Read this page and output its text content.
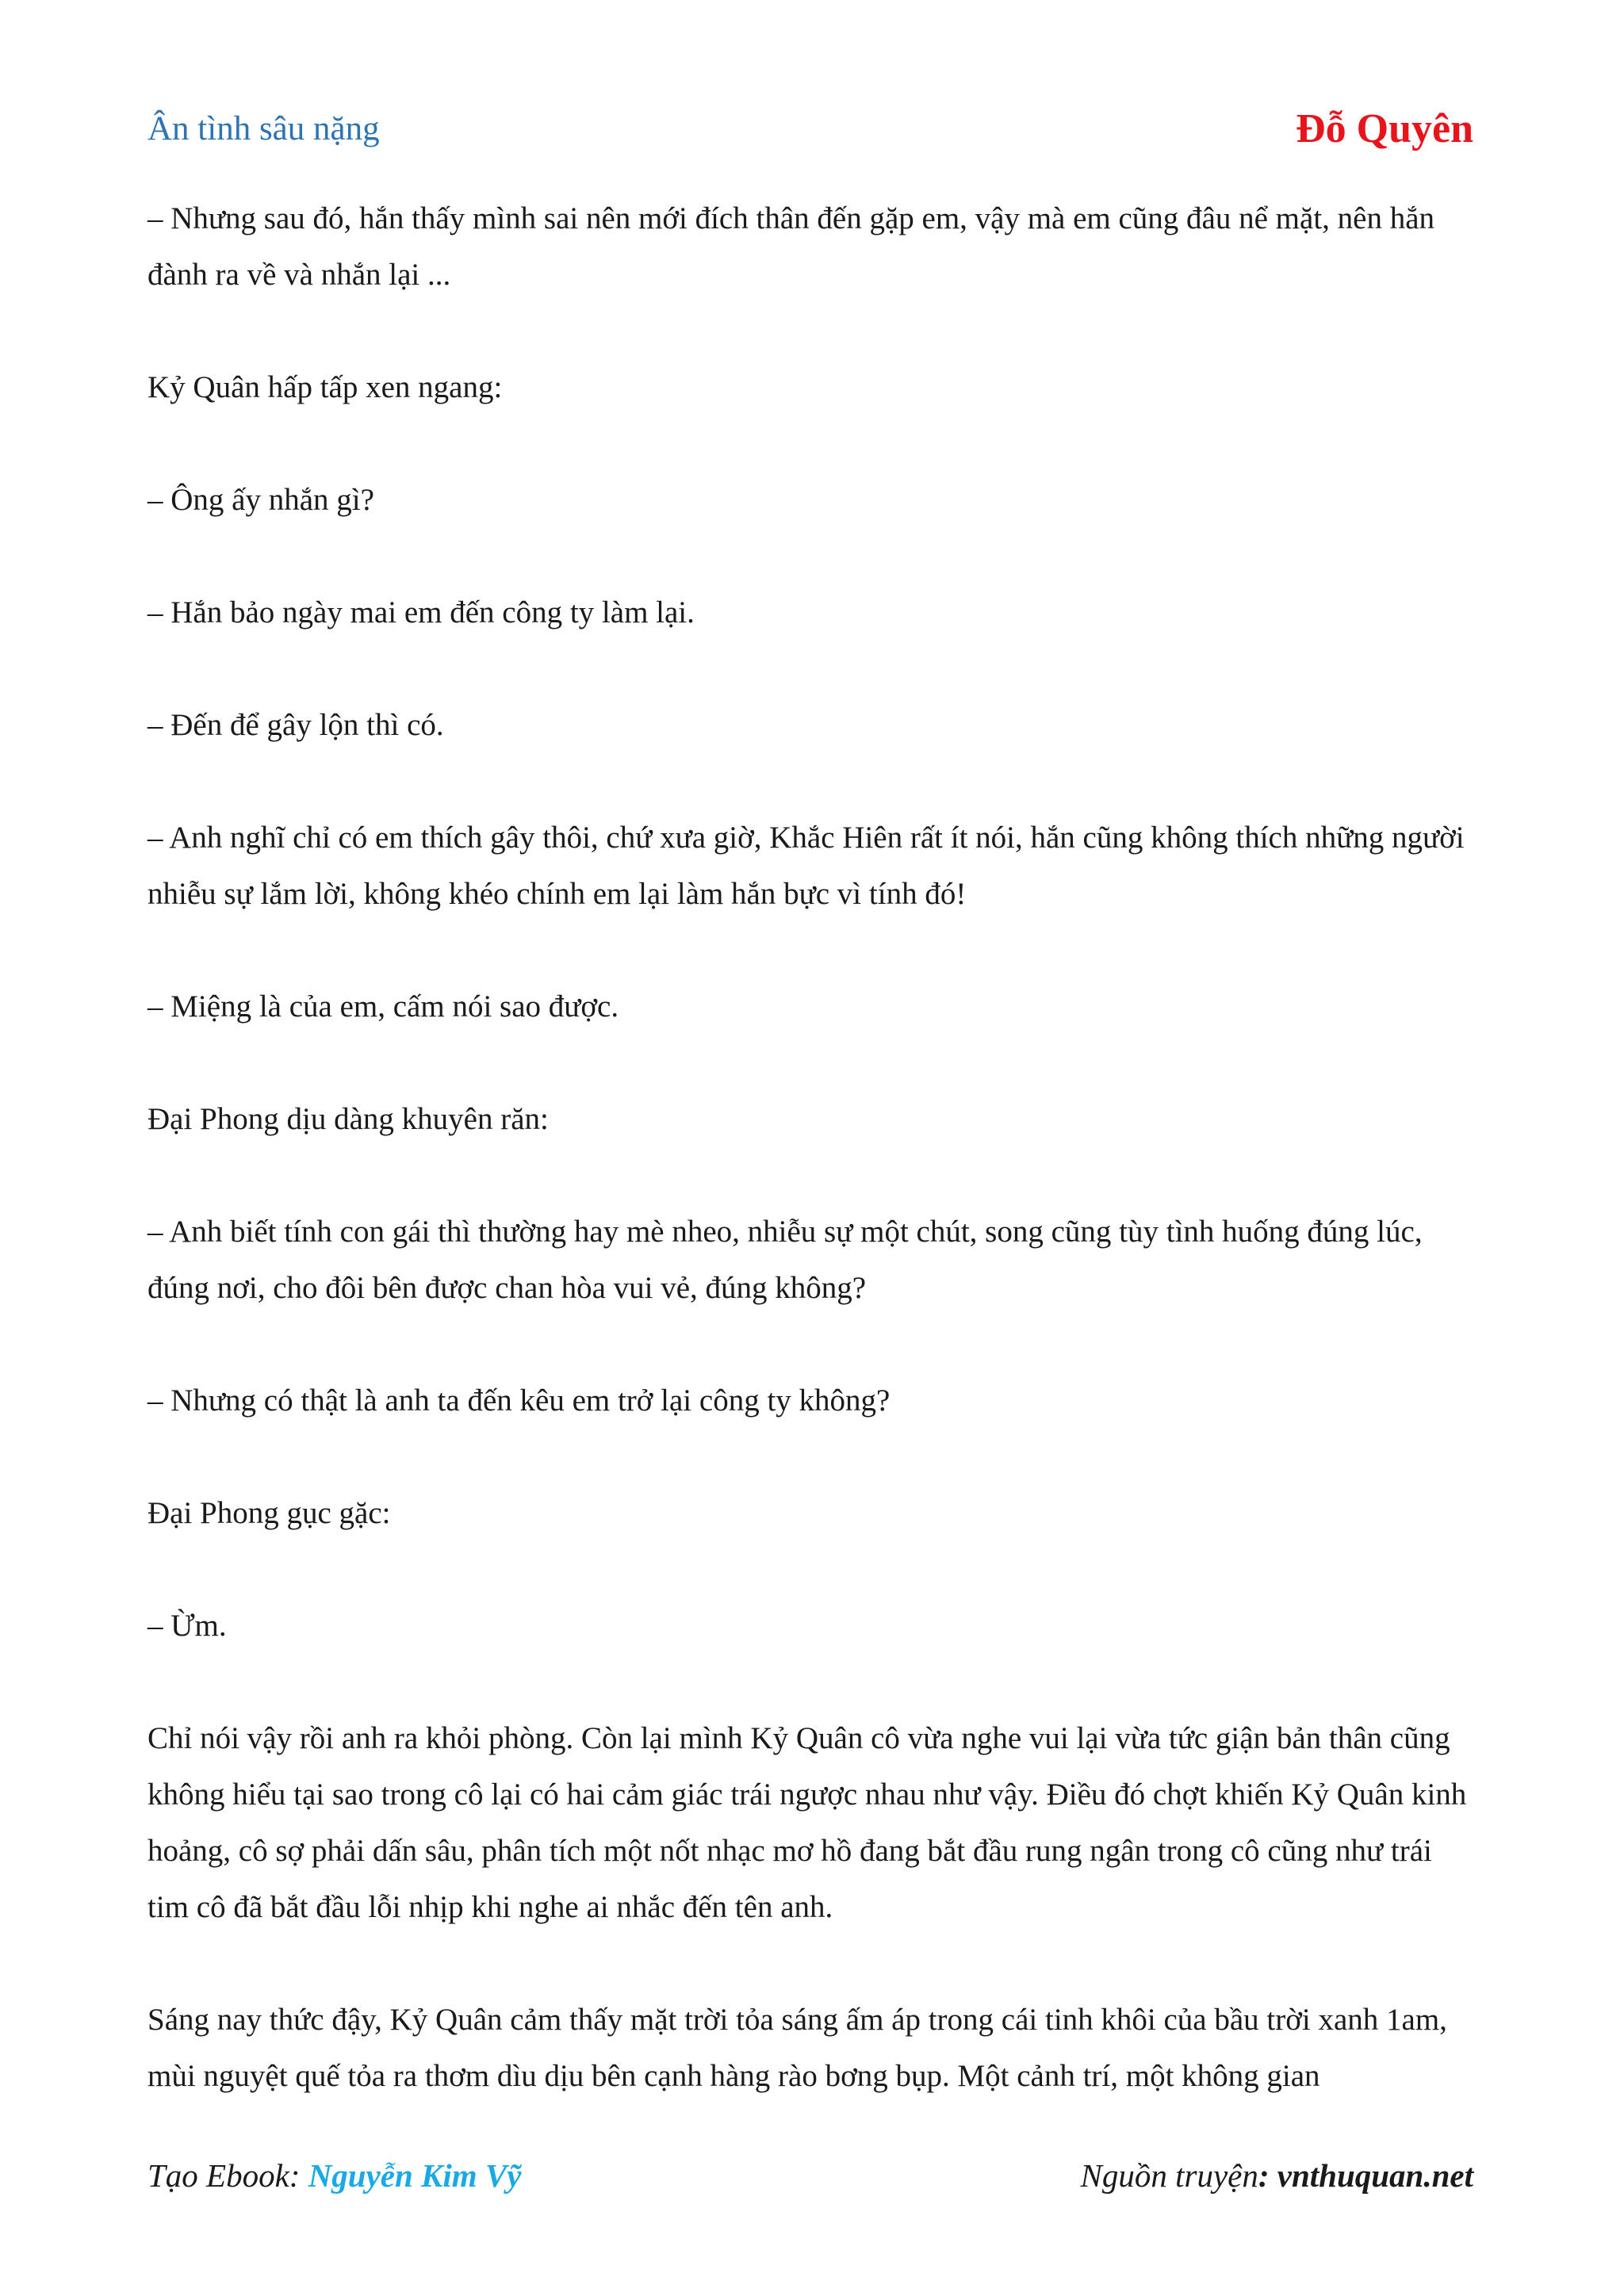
Ân tình sâu nặng	Đỗ Quyên

– Nhưng sau đó, hắn thấy mình sai nên mới đích thân đến gặp em, vậy mà em cũng đâu nể mặt, nên hắn đành ra về và nhắn lại ...

Kỷ Quân hấp tấp xen ngang:

– Ông ấy nhắn gì?

– Hắn bảo ngày mai em đến công ty làm lại.

– Đến để gây lộn thì có.

– Anh nghĩ chỉ có em thích gây thôi, chứ xưa giờ, Khắc Hiên rất ít nói, hắn cũng không thích những người nhiễu sự lắm lời, không khéo chính em lại làm hắn bực vì tính đó!

– Miệng là của em, cấm nói sao được.

Đại Phong dịu dàng khuyên răn:

– Anh biết tính con gái thì thường hay mè nheo, nhiễu sự một chút, song cũng tùy tình huống đúng lúc, đúng nơi, cho đôi bên được chan hòa vui vẻ, đúng không?

– Nhưng có thật là anh ta đến kêu em trở lại công ty không?

Đại Phong gục gặc:

– Ừm.

Chỉ nói vậy rồi anh ra khỏi phòng. Còn lại mình Kỷ Quân cô vừa nghe vui lại vừa tức giận bản thân cũng không hiểu tại sao trong cô lại có hai cảm giác trái ngược nhau như vậy. Điều đó chợt khiến Kỷ Quân kinh hoảng, cô sợ phải dấn sâu, phân tích một nốt nhạc mơ hồ đang bắt đầu rung ngân trong cô cũng như trái tim cô đã bắt đầu lỗi nhịp khi nghe ai nhắc đến tên anh.

Sáng nay thức đậy, Kỷ Quân cảm thấy mặt trời tỏa sáng ấm áp trong cái tinh khôi của bầu trời xanh 1am, mùi nguyệt quế tỏa ra thơm dìu dịu bên cạnh hàng rào bơng bụp. Một cảnh trí, một không gian

Tạo Ebook: Nguyễn Kim Vỹ	Nguồn truyện: vnthuquan.net
